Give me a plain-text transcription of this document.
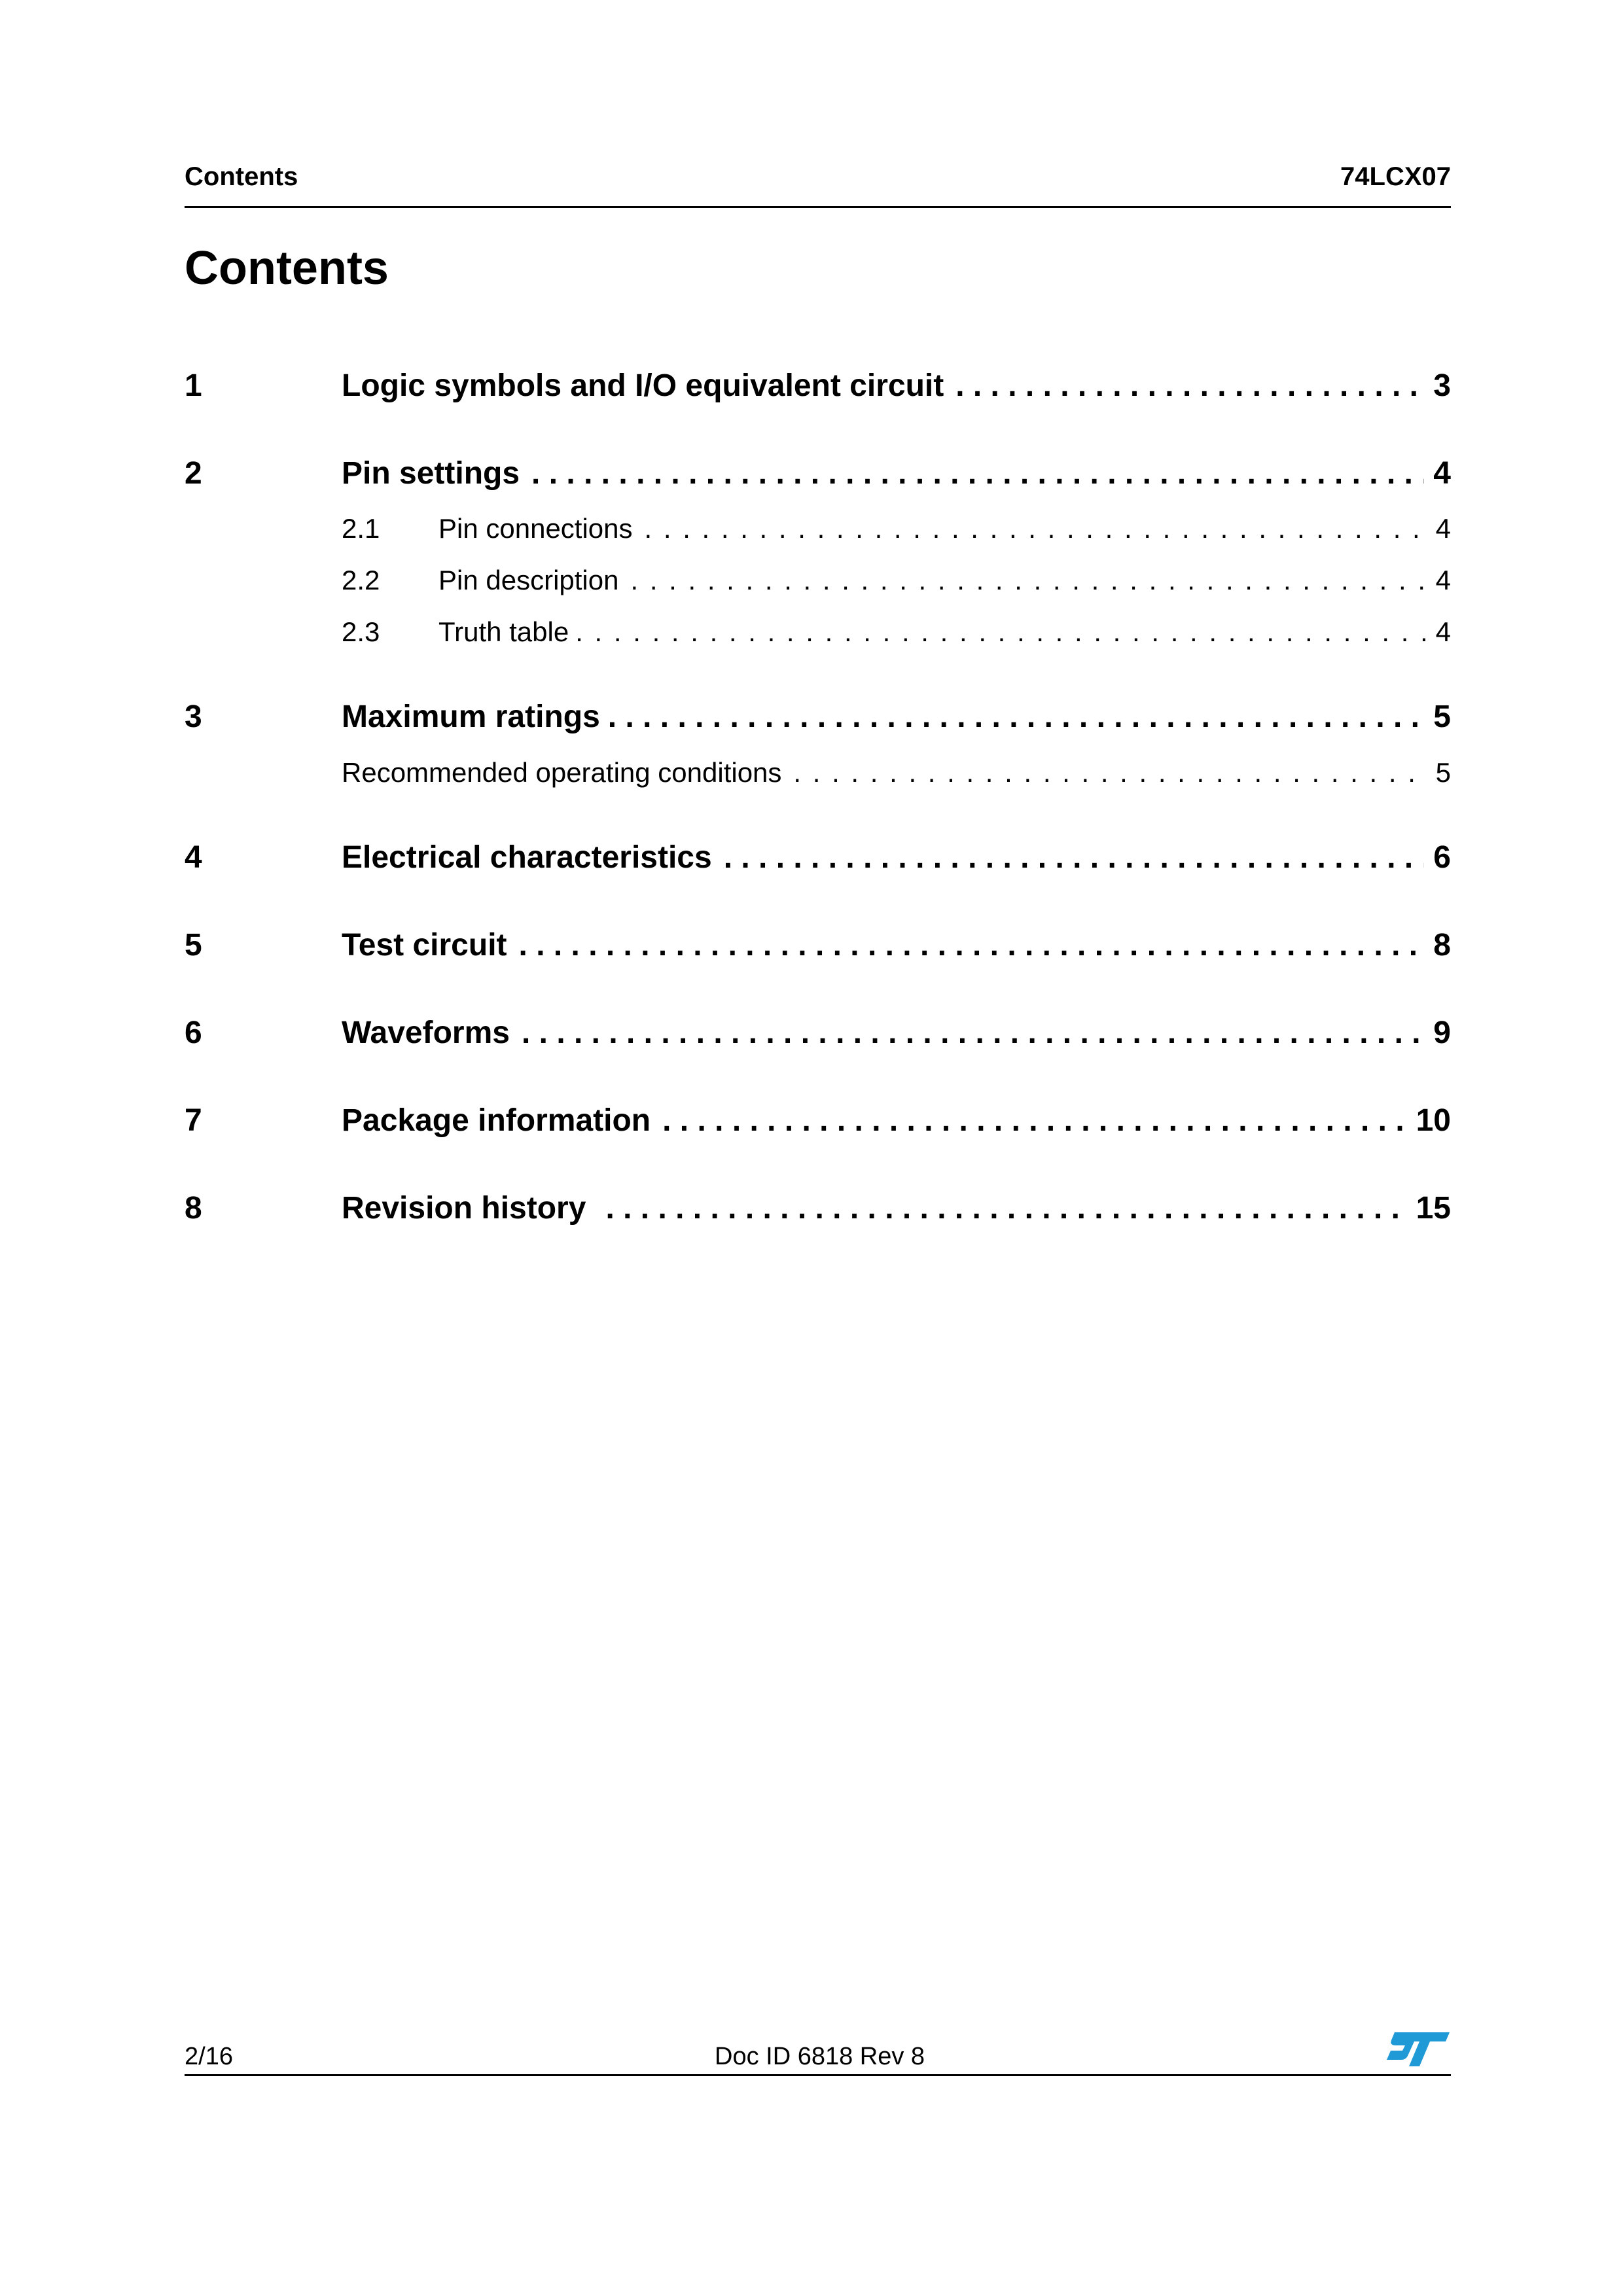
Contents	74LCX07
Contents
1	Logic symbols and I/O equivalent circuit . . .	3
2	Pin settings . . .	4
2.1	Pin connections . . .	4
2.2	Pin description . . .	4
2.3	Truth table . . .	4
3	Maximum ratings . . .	5
Recommended operating conditions . . .	5
4	Electrical characteristics . . .	6
5	Test circuit . . .	8
6	Waveforms . . .	9
7	Package information . . .	10
8	Revision history . . .	15
2/16	Doc ID 6818 Rev 8
